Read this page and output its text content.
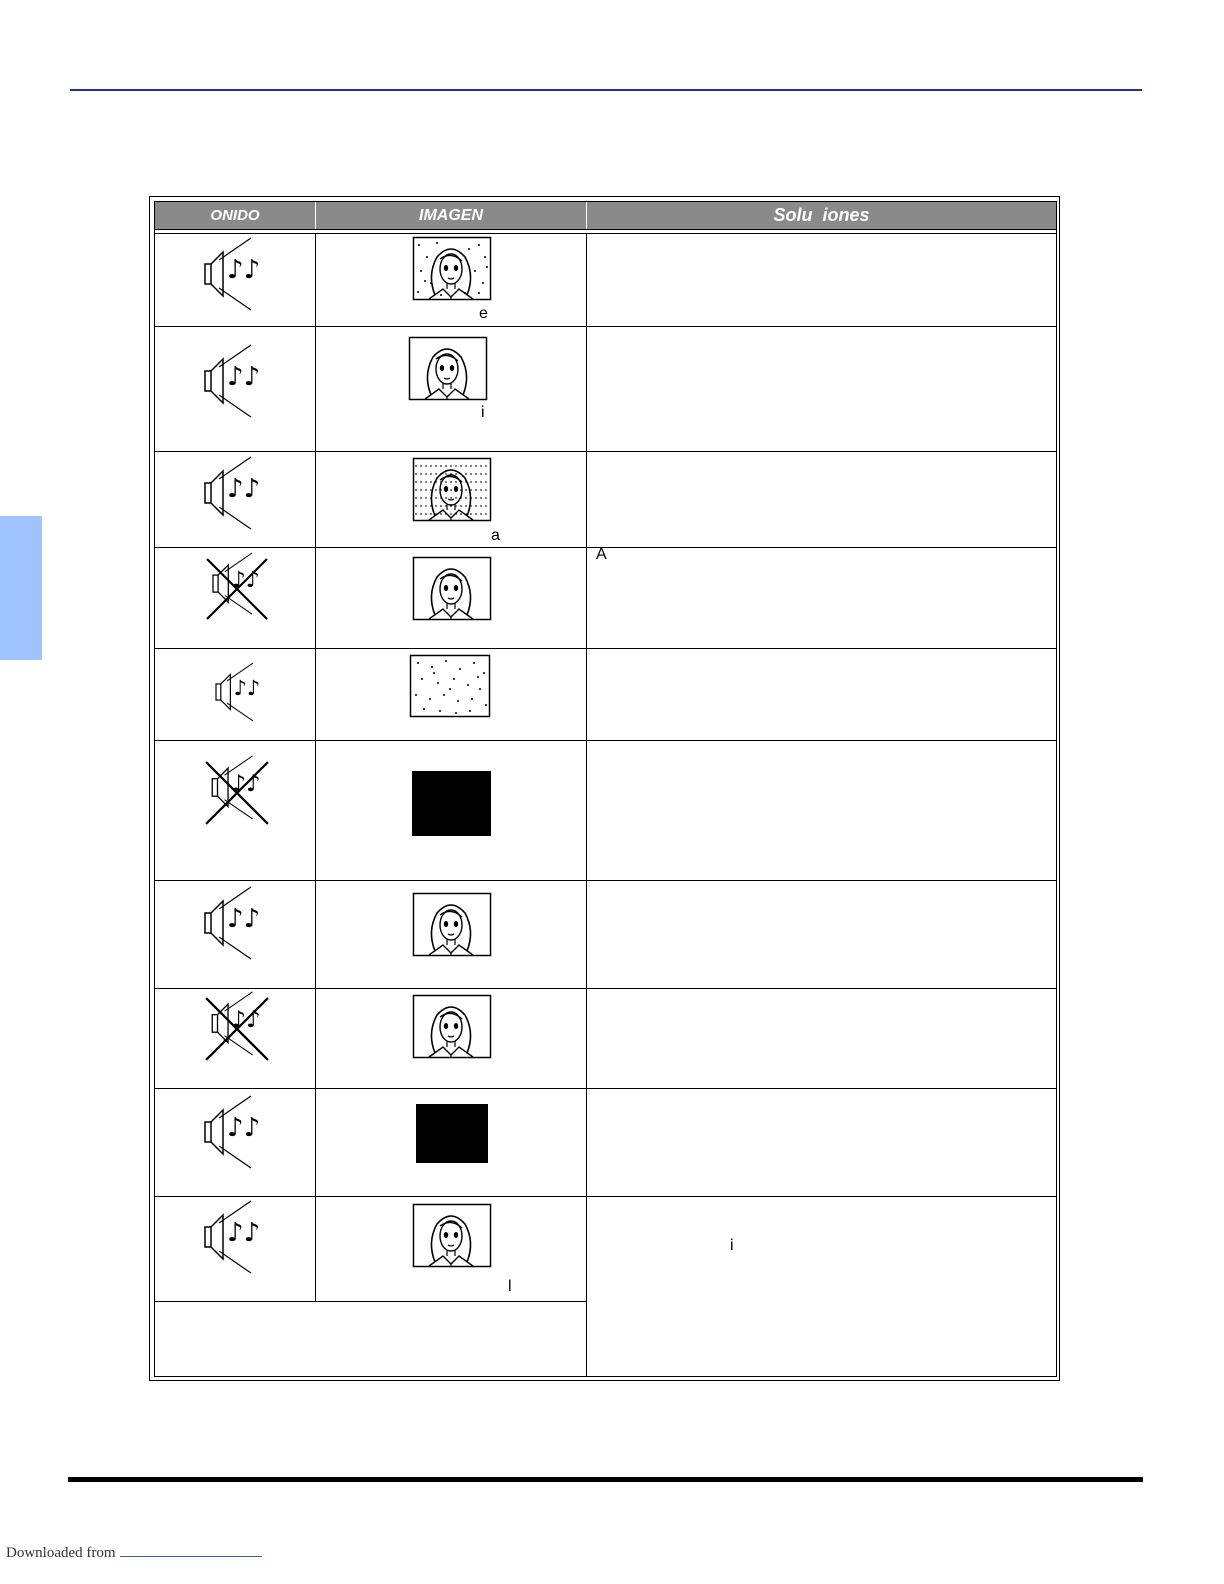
ONIDO	IMAGEN	Solu  iones
♪♪
e
i
a
A
l
i
Downloaded from
